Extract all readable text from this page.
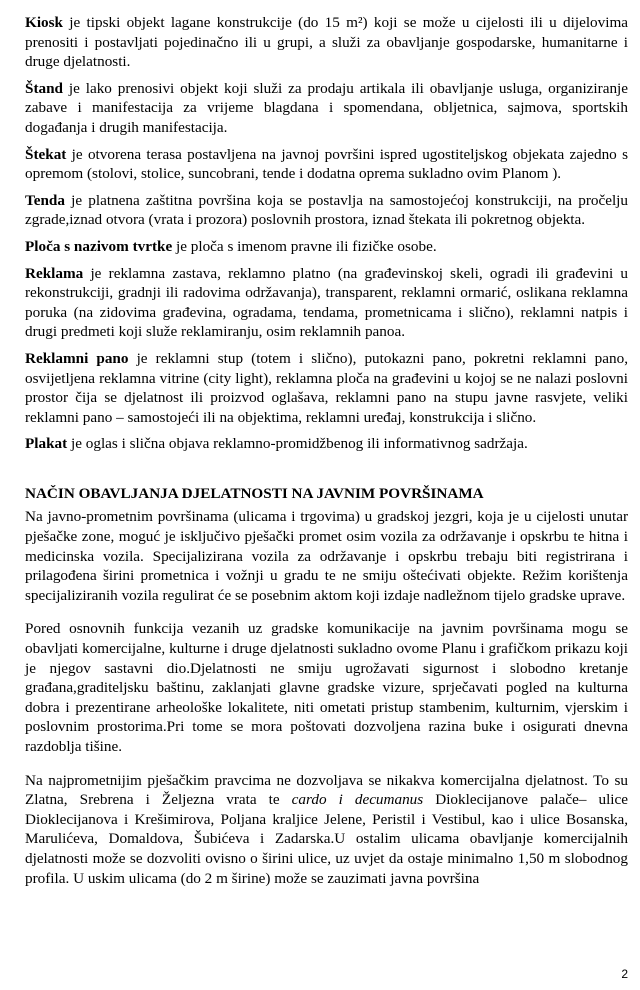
Kiosk je tipski objekt lagane konstrukcije (do 15 m²) koji se može u cijelosti ili u dijelovima prenositi i postavljati pojedinačno ili u grupi, a služi za obavljanje gospodarske, humanitarne i druge djelatnosti.

Štand je lako prenosivi objekt koji služi za prodaju artikala ili obavljanje usluga, organiziranje zabave i manifestacija za vrijeme blagdana i spomendana, obljetnica, sajmova, sportskih događanja i drugih manifestacija.

Štekat je otvorena terasa postavljena na javnoj površini ispred ugostiteljskog objekata zajedno s opremom (stolovi, stolice, suncobrani, tende i dodatna oprema sukladno ovim Planom ).

Tenda je platnena zaštitna površina koja se postavlja na samostojećoj konstrukciji, na pročelju zgrade,iznad otvora (vrata i prozora) poslovnih prostora, iznad štekata ili pokretnog objekta.

Ploča s nazivom tvrtke je ploča s imenom pravne ili fizičke osobe.

Reklama je reklamna zastava, reklamno platno (na građevinskoj skeli, ogradi ili građevini u rekonstrukciji, gradnji ili radovima održavanja), transparent, reklamni ormarić, oslikana reklamna poruka (na zidovima građevina, ogradama, tendama, prometnicama i slično), reklamni natpis i drugi predmeti koji služe reklamiranju, osim reklamnih panoa.

Reklamni pano je reklamni stup (totem i slično), putokazni pano, pokretni reklamni pano, osvijetljena reklamna vitrine (city light), reklamna ploča na građevini u kojoj se ne nalazi poslovni prostor čija se djelatnost ili proizvod oglašava, reklamni pano na stupu javne rasvjete, veliki reklamni pano – samostojeći ili na objektima, reklamni uređaj, konstrukcija i slično.

Plakat je oglas i slična objava reklamno-promidžbenog ili informativnog sadržaja.

NAČIN OBAVLJANJA DJELATNOSTI NA JAVNIM POVRŠINAMA

Na javno-prometnim površinama (ulicama i trgovima) u gradskoj jezgri, koja je u cijelosti unutar pješačke zone, moguć je isključivo pješački promet osim vozila za održavanje i opskrbu te hitna i medicinska vozila. Specijalizirana vozila za održavanje i opskrbu trebaju biti registrirana i prilagođena širini prometnica i vožnji u gradu te ne smiju oštećivati objekte. Režim korištenja specijaliziranih vozila regulirat će se posebnim aktom koji izdaje nadležnom tijelo gradske uprave.

Pored osnovnih funkcija vezanih uz gradske komunikacije na javnim površinama mogu se obavljati komercijalne, kulturne i druge djelatnosti sukladno ovome Planu i grafičkom prikazu koji je njegov sastavni dio.Djelatnosti ne smiju ugrožavati sigurnost i slobodno kretanje građana,graditeljsku baštinu, zaklanjati glavne gradske vizure, sprječavati pogled na kulturna dobra i prezentirane arheološke lokalitete, niti ometati pristup stambenim, kulturnim, vjerskim i poslovnim prostorima.Pri tome se mora poštovati dozvoljena razina buke i osigurati dnevna razdoblja tišine.

Na najprometnijim pješačkim pravcima ne dozvoljava se nikakva komercijalna djelatnost. To su Zlatna, Srebrena i Željezna vrata te cardo i decumanus Dioklecijanove palače– ulice Dioklecijanova i Krešimirova, Poljana kraljice Jelene, Peristil i Vestibul, kao i ulice Bosanska, Marulićeva, Domaldova, Šubićeva i Zadarska.U ostalim ulicama obavljanje komercijalnih djelatnosti može se dozvoliti ovisno o širini ulice, uz uvjet da ostaje minimalno 1,50 m slobodnog profila. U uskim ulicama (do 2 m širine) može se zauzimati javna površina

2
